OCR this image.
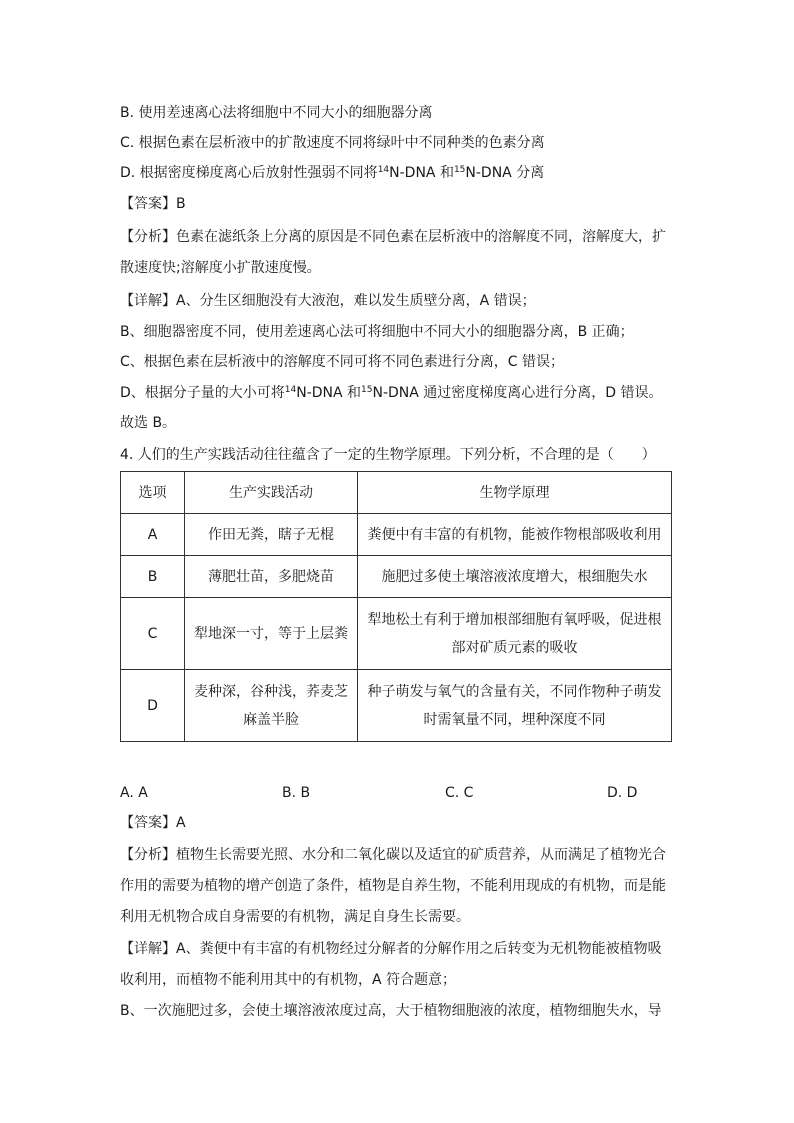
B. 使用差速离心法将细胞中不同大小的细胞器分离
C. 根据色素在层析液中的扩散速度不同将绿叶中不同种类的色素分离
D. 根据密度梯度离心后放射性强弱不同将$^{14}$N-DNA 和$^{15}$N-DNA 分离
【答案】B
【分析】色素在滤纸条上分离的原因是不同色素在层析液中的溶解度不同，溶解度大，扩
散速度快;溶解度小扩散速度慢。
【详解】A、分生区细胞没有大液泡，难以发生质壁分离，A 错误；
B、细胞器密度不同，使用差速离心法可将细胞中不同大小的细胞器分离，B 正确；
C、根据色素在层析液中的溶解度不同可将不同色素进行分离，C 错误；
D、根据分子量的大小可将$^{14}$N-DNA 和$^{15}$N-DNA 通过密度梯度离心进行分离，D 错误。
故选 B。
4. 人们的生产实践活动往往蕴含了一定的生物学原理。下列分析，不合理的是（　　）
选项	生产实践活动	生物学原理
A	作田无粪，瞎子无棍	粪便中有丰富的有机物，能被作物根部吸收利用
B	薄肥壮苗，多肥烧苗	施肥过多使土壤溶液浓度增大，根细胞失水
C	犁地深一寸，等于上层粪	犁地松土有利于增加根部细胞有氧呼吸，促进根部对矿质元素的吸收
D	麦种深，谷种浅，荞麦芝麻盖半脸	种子萌发与氧气的含量有关，不同作物种子萌发时需氧量不同，埋种深度不同
A. A	B. B	C. C	D. D
【答案】A
【分析】植物生长需要光照、水分和二氧化碳以及适宜的矿质营养，从而满足了植物光合
作用的需要为植物的增产创造了条件，植物是自养生物，不能利用现成的有机物，而是能
利用无机物合成自身需要的有机物，满足自身生长需要。
【详解】A、粪便中有丰富的有机物经过分解者的分解作用之后转变为无机物能被植物吸
收利用，而植物不能利用其中的有机物，A 符合题意；
B、一次施肥过多，会使土壤溶液浓度过高，大于植物细胞液的浓度，植物细胞失水，导
